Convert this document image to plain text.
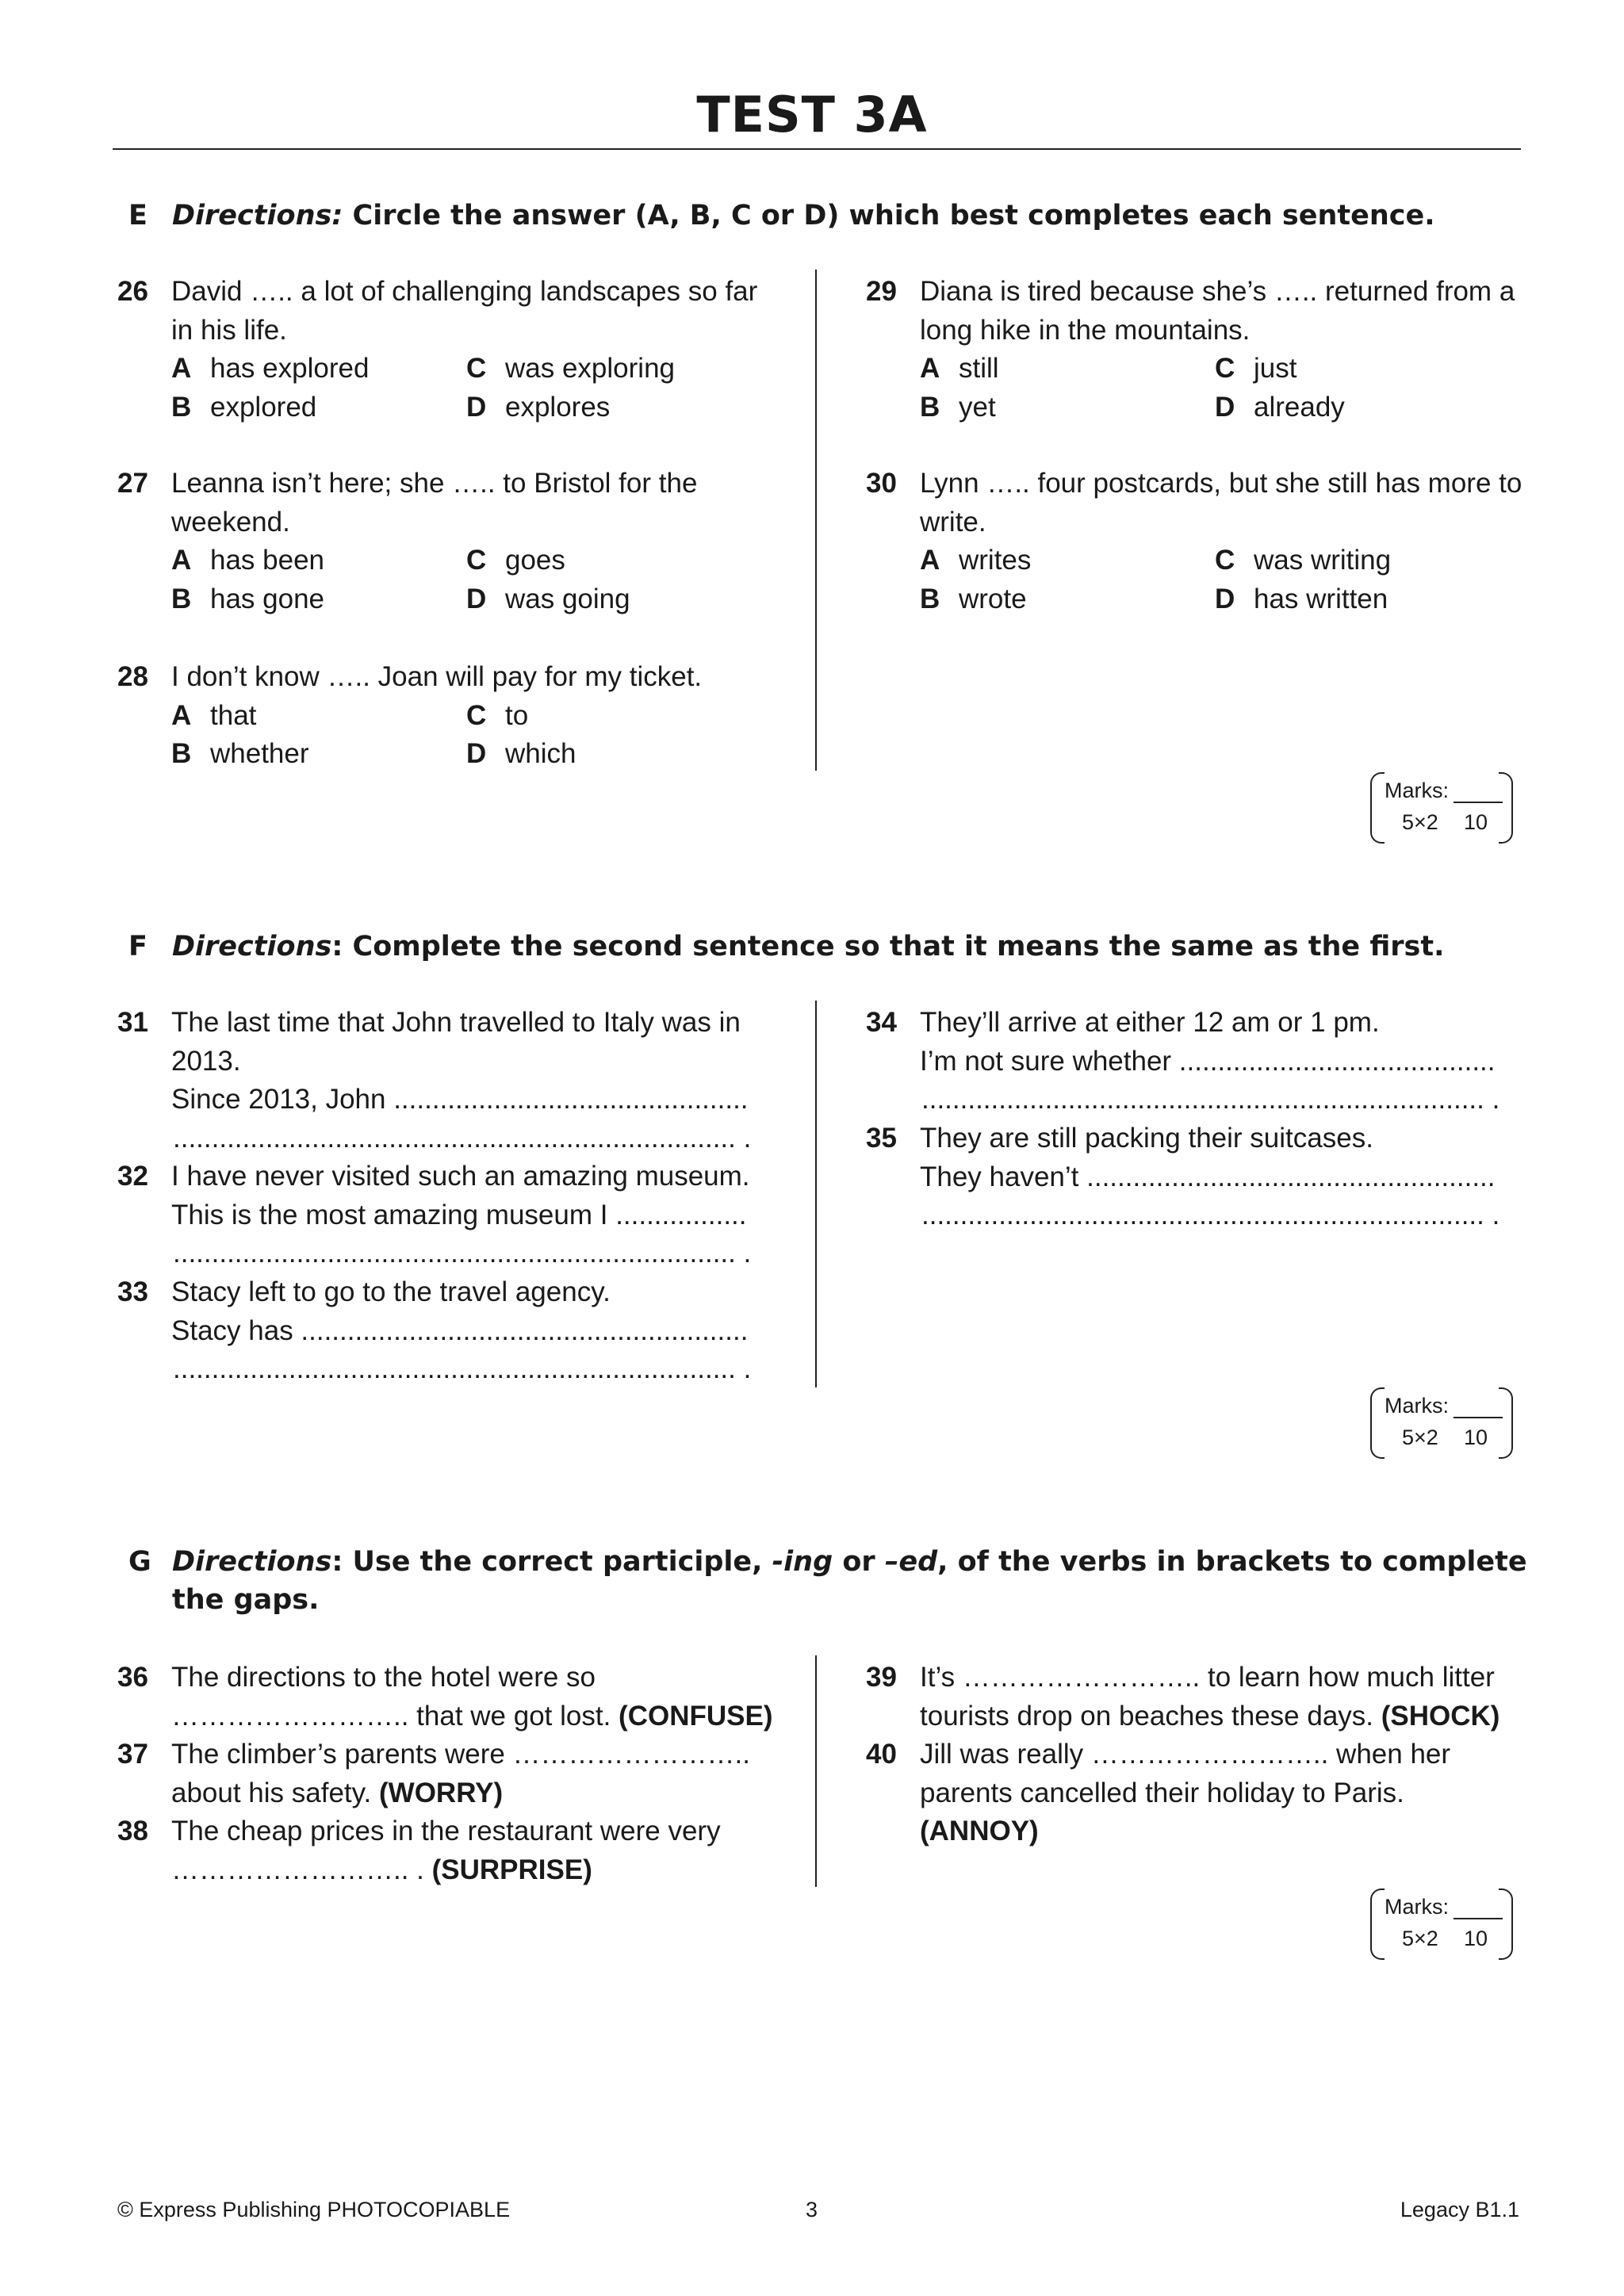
TEST 3A
E Directions: Circle the answer (A, B, C or D) which best completes each sentence.
26 David ….. a lot of challenging landscapes so far
in his life.
A has explored	C was exploring
B explored	D explores
27 Leanna isn’t here; she ….. to Bristol for the
weekend.
A has been	C goes
B has gone	D was going
28 I don’t know ….. Joan will pay for my ticket.
A that	C to
B whether	D which
29 Diana is tired because she’s ….. returned from a
long hike in the mountains.
A still	C just
B yet	D already
30 Lynn ….. four postcards, but she still has more to
write.
A writes	C was writing
B wrote	D has written
Marks:
5×2 10
F Directions: Complete the second sentence so that it means the same as the first.
31 The last time that John travelled to Italy was in
2013.
Since 2013, John ..............................................
......................................................................... .
32 I have never visited such an amazing museum.
This is the most amazing museum I .................
......................................................................... .
33 Stacy left to go to the travel agency.
Stacy has ..........................................................
......................................................................... .
34 They’ll arrive at either 12 am or 1 pm.
I’m not sure whether .........................................
......................................................................... .
35 They are still packing their suitcases.
They haven’t .....................................................
......................................................................... .
Marks:
5×2 10
G Directions: Use the correct participle, -ing or –ed, of the verbs in brackets to complete
the gaps.
36 The directions to the hotel were so
…………………….. that we got lost. (CONFUSE)
37 The climber’s parents were ……………………..
about his safety. (WORRY)
38 The cheap prices in the restaurant were very
…………………….. . (SURPRISE)
39 It’s …………………….. to learn how much litter
tourists drop on beaches these days. (SHOCK)
40 Jill was really …………………….. when her
parents cancelled their holiday to Paris.
(ANNOY)
Marks:
5×2 10
© Express Publishing PHOTOCOPIABLE	3	Legacy B1.1
